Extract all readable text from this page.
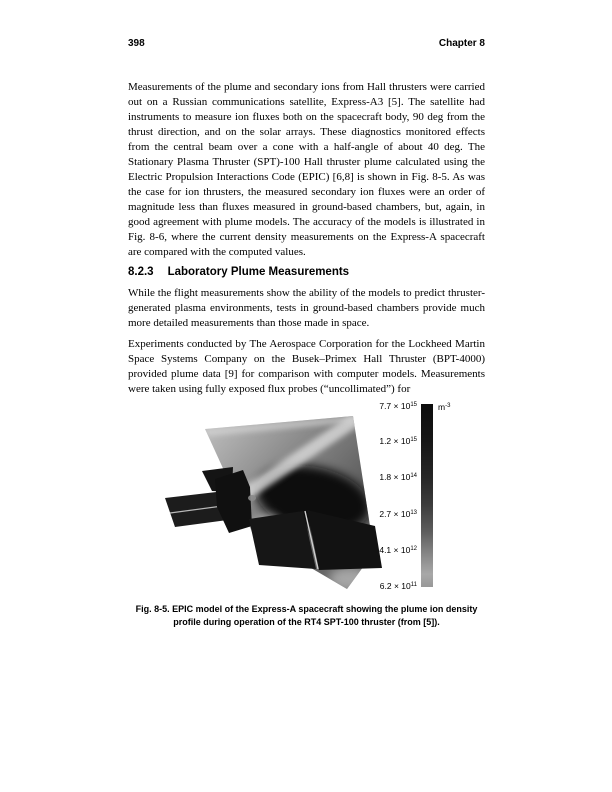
398	Chapter 8

Measurements of the plume and secondary ions from Hall thrusters were carried out on a Russian communications satellite, Express-A3 [5]. The satellite had instruments to measure ion fluxes both on the spacecraft body, 90 deg from the thrust direction, and on the solar arrays. These diagnostics monitored effects from the central beam over a cone with a half-angle of about 40 deg. The Stationary Plasma Thruster (SPT)-100 Hall thruster plume calculated using the Electric Propulsion Interactions Code (EPIC) [6,8] is shown in Fig. 8-5. As was the case for ion thrusters, the measured secondary ion fluxes were an order of magnitude less than fluxes measured in ground-based chambers, but, again, in good agreement with plume models. The accuracy of the models is illustrated in Fig. 8-6, where the current density measurements on the Express-A spacecraft are compared with the computed values.

8.2.3 Laboratory Plume Measurements

While the flight measurements show the ability of the models to predict thruster-generated plasma environments, tests in ground-based chambers provide much more detailed measurements than those made in space.

Experiments conducted by The Aerospace Corporation for the Lockheed Martin Space Systems Company on the Busek–Primex Hall Thruster (BPT-4000) provided plume data [9] for comparison with computer models. Measurements were taken using fully exposed flux probes (“uncollimated”) for

$m^{-3}$
$7.7 \times 10^{15}$
$1.2 \times 10^{15}$
$1.8 \times 10^{14}$
$2.7 \times 10^{13}$
$4.1 \times 10^{12}$
$6.2 \times 10^{11}$
Fig. 8-5. EPIC model of the Express-A spacecraft showing the plume ion density
profile during operation of the RT4 SPT-100 thruster (from [5]).
